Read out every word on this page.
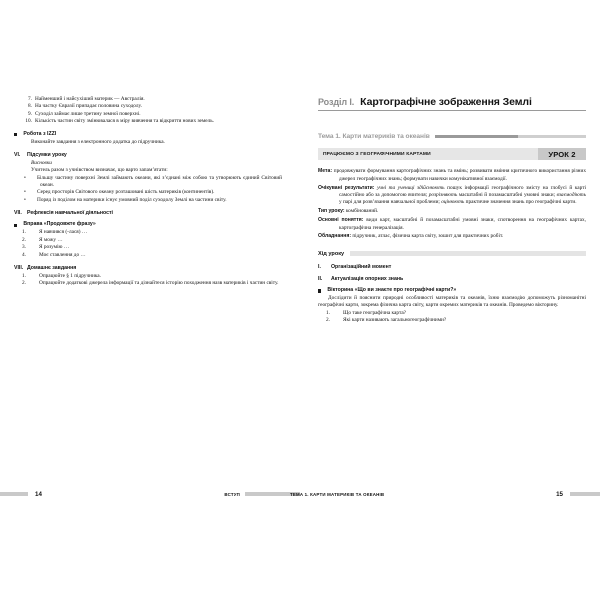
7. Найменший і найсухіший материк — Австралія.
8. На частку Євразії припадає половина суходолу.
9. Суходіл займає лише третину земної поверхні.
10. Кількість частин світу змінювалася в міру вивчення та відкриття нових земель.
Робота з IZZI

Виконайте завдання з електронного додатка до підручника.

VI.	Підсумки уроку

Висновки

Учитель разом з учнівством визначає, що варто запам’ятати:

• Більшу частину поверхні Землі займають океани, які з’єднані між собою та утворюють єдиний Світовий океан.
• Серед просторів Світового океану розташовані шість материків (континентів).
• Поряд із поділом на материки існує умовний поділ суходолу Землі на частини світу.
VII.	Рефлексія навчальної діяльності
Вправа «Продовжте фразу»
1. Я навчився (-лася) …
2. Я можу …
3. Я розумію …
4. Моє ставлення до …
VIII. Домашнє завдання
1. Опрацюйте § 1 підручника.
2. Опрацюйте додаткові джерела інформації та дізнайтеся історію походження назв материків і частин світу.
Розділ I. Картографічне зображення Землі
Тема 1. Карти материків та океанів
ПРАЦЮЄМО З ГЕОГРАФІЧНИМИ КАРТАМИ	УРОК 2

Мета: продовжувати формування картографічних знань та вмінь; розвивати вміння критичного використання різних джерел географічних знань; формувати навички комунікативної взаємодії.

Очікувані результати: учні та учениці здійснюють пошук інформації географічного змісту на глобусі й карті самостійно або за допомогою вчителя; розрізняють масштабні й позамасштабні умовні знаки; взаємодіють у парі для розв’язання навчальної проблеми; оцінюють практичне значення знань про географічні карти.

Тип уроку: комбінований.

Основні поняття: види карт, масштабні й позамасштабні умовні знаки, спотворення на географічних картах, картографічна генералізація.

Обладнання: підручник, атлас, фізична карта світу, зошит для практичних робіт.

Хід уроку
I.	Організаційний момент
II.	Актуалізація опорних знань
Вікторина «Що ви знаєте про географічні карти?»

Дослідити й пояснити природні особливості материків та океанів, їхню взаємодію допоможуть різноманітні географічні карти, зокрема фізична карта світу, карти окремих материків та океанів. Проведемо вікторину.

1. Що таке географічна карта?
2. Які карти називають загальногеографічними?
14	ВСТУП	ТЕМА 1. КАРТИ МАТЕРИКІВ ТА ОКЕАНІВ	15
